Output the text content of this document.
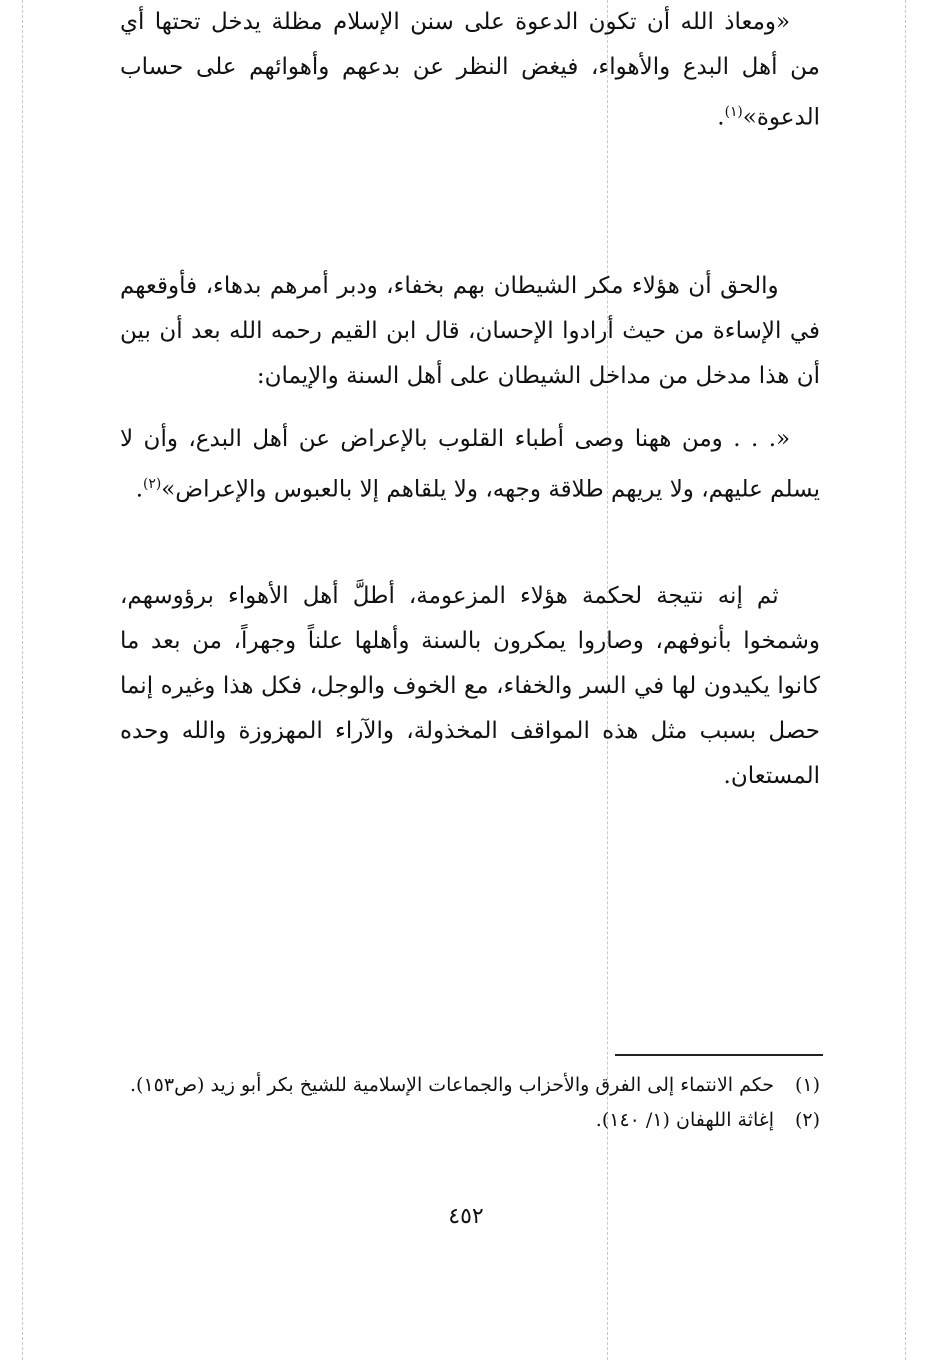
«ومعاذ الله أن تكون الدعوة على سنن الإسلام مظلة يدخل تحتها أي من أهل البدع والأهواء، فيغض النظر عن بدعهم وأهوائهم على حساب الدعوة»$^{(١)}$.

والحق أن هؤلاء مكر الشيطان بهم بخفاء، ودبر أمرهم بدهاء، فأوقعهم في الإساءة من حيث أرادوا الإحسان، قال ابن القيم رحمه الله بعد أن بين أن هذا مدخل من مداخل الشيطان على أهل السنة والإيمان:

«. . . ومن ههنا وصى أطباء القلوب بالإعراض عن أهل البدع، وأن لا يسلم عليهم، ولا يريهم طلاقة وجهه، ولا يلقاهم إلا بالعبوس والإعراض»$^{(٢)}$.

ثم إنه نتيجة لحكمة هؤلاء المزعومة، أطلَّ أهل الأهواء برؤوسهم، وشمخوا بأنوفهم، وصاروا يمكرون بالسنة وأهلها علناً وجهراً، من بعد ما كانوا يكيدون لها في السر والخفاء، مع الخوف والوجل، فكل هذا وغيره إنما حصل بسبب مثل هذه المواقف المخذولة، والآراء المهزوزة والله وحده المستعان.

(١)
حكم الانتماء إلى الفرق والأحزاب والجماعات الإسلامية للشيخ بكر أبو زيد (ص١٥٣).
(٢)
إغاثة اللهفان (١/ ١٤٠).
٤٥٢
